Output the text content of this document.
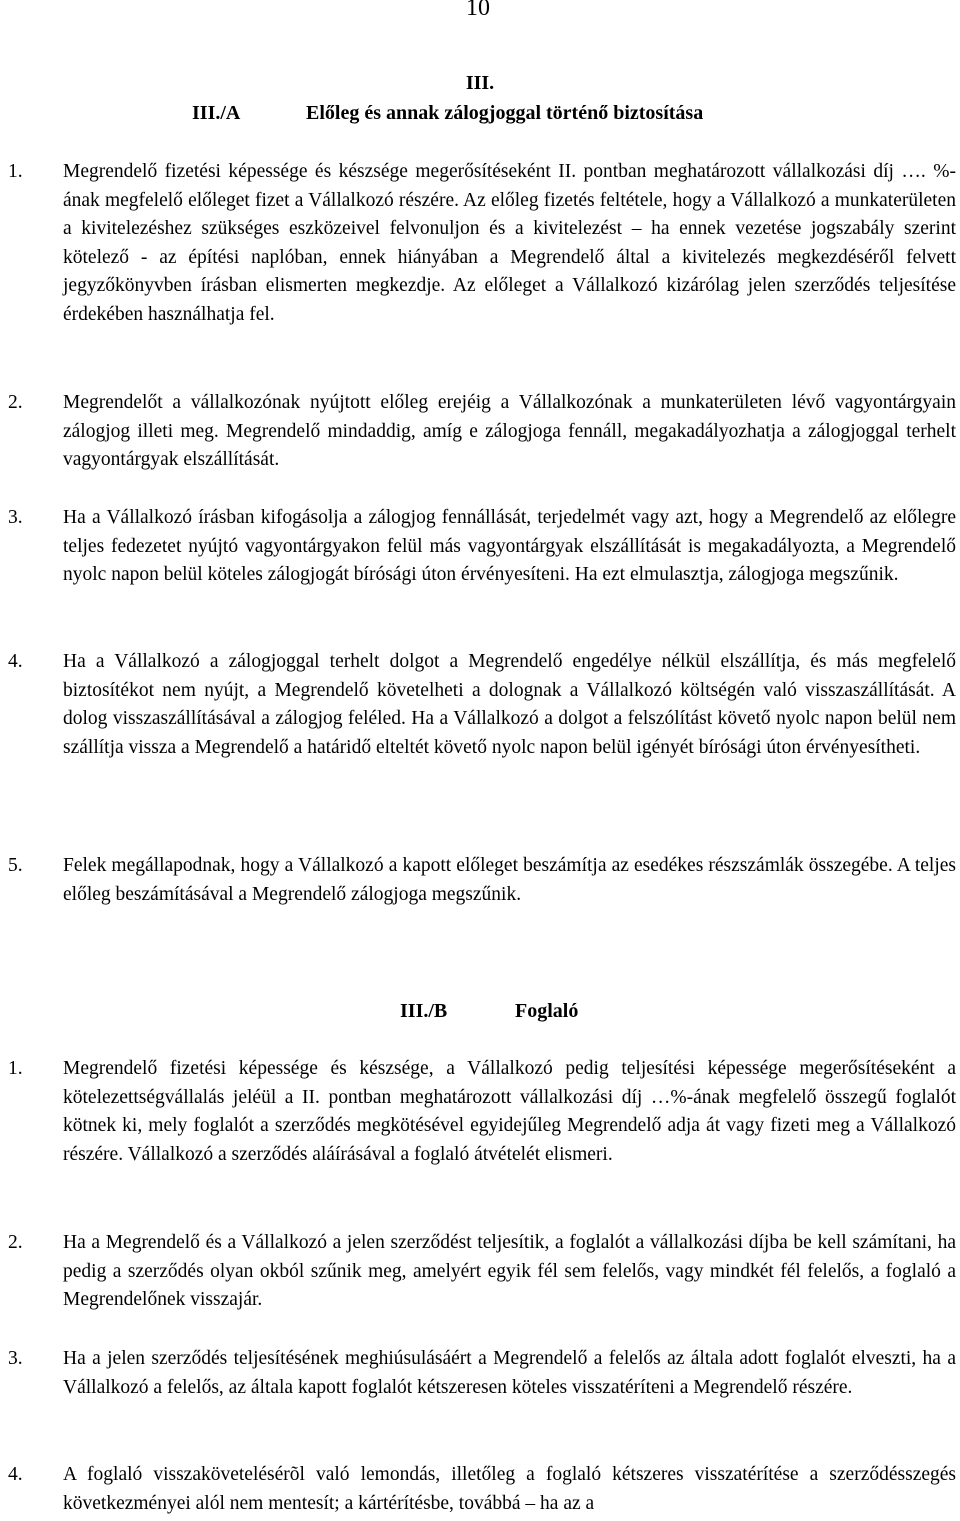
10
III.
III./A	Előleg és annak zálogjoggal történő biztosítása
1. Megrendelő fizetési képessége és készsége megerősítéseként II. pontban meghatározott vállalkozási díj …. %-ának megfelelő előleget fizet a Vállalkozó részére. Az előleg fizetés feltétele, hogy a Vállalkozó a munkaterületen a kivitelezéshez szükséges eszközeivel felvonuljon és a kivitelezést – ha ennek vezetése jogszabály szerint kötelező - az építési naplóban, ennek hiányában a Megrendelő által a kivitelezés megkezdéséről felvett jegyzőkönyvben írásban elismerten megkezdje. Az előleget a Vállalkozó kizárólag jelen szerződés teljesítése érdekében használhatja fel.
2. Megrendelőt a vállalkozónak nyújtott előleg erejéig a Vállalkozónak a munkaterületen lévő vagyontárgyain zálogjog illeti meg. Megrendelő mindaddig, amíg e zálogjoga fennáll, megakadályozhatja a zálogjoggal terhelt vagyontárgyak elszállítását.
3. Ha a Vállalkozó írásban kifogásolja a zálogjog fennállását, terjedelmét vagy azt, hogy a Megrendelő az előlegre teljes fedezetet nyújtó vagyontárgyakon felül más vagyontárgyak elszállítását is megakadályozta, a Megrendelő nyolc napon belül köteles zálogjogát bírósági úton érvényesíteni. Ha ezt elmulasztja, zálogjoga megszűnik.
4. Ha a Vállalkozó a zálogjoggal terhelt dolgot a Megrendelő engedélye nélkül elszállítja, és más megfelelő biztosítékot nem nyújt, a Megrendelő követelheti a dolognak a Vállalkozó költségén való visszaszállítását. A dolog visszaszállításával a zálogjog feléled. Ha a Vállalkozó a dolgot a felszólítást követő nyolc napon belül nem szállítja vissza a Megrendelő a határidő elteltét követő nyolc napon belül igényét bírósági úton érvényesítheti.
5. Felek megállapodnak, hogy a Vállalkozó a kapott előleget beszámítja az esedékes részszámlák összegébe. A teljes előleg beszámításával a Megrendelő zálogjoga megszűnik.
III./B	Foglaló
1. Megrendelő fizetési képessége és készsége, a Vállalkozó pedig teljesítési képessége megerősítéseként a kötelezettségvállalás jeléül a II. pontban meghatározott vállalkozási díj …%-ának megfelelő összegű foglalót kötnek ki, mely foglalót a szerződés megkötésével egyidejűleg Megrendelő adja át vagy fizeti meg a Vállalkozó részére. Vállalkozó a szerződés aláírásával a foglaló átvételét elismeri.
2. Ha a Megrendelő és a Vállalkozó a jelen szerződést teljesítik, a foglalót a vállalkozási díjba be kell számítani, ha pedig a szerződés olyan okból szűnik meg, amelyért egyik fél sem felelős, vagy mindkét fél felelős, a foglaló a Megrendelőnek visszajár.
3. Ha a jelen szerződés teljesítésének meghiúsulásáért a Megrendelő a felelős az általa adott foglalót elveszti, ha a Vállalkozó a felelős, az általa kapott foglalót kétszeresen köteles visszatéríteni a Megrendelő részére.
4. A foglaló visszakövetelésérõl való lemondás, illetőleg a foglaló kétszeres visszatérítése a szerződésszegés következményei alól nem mentesít; a kártérítésbe, továbbá – ha az a
